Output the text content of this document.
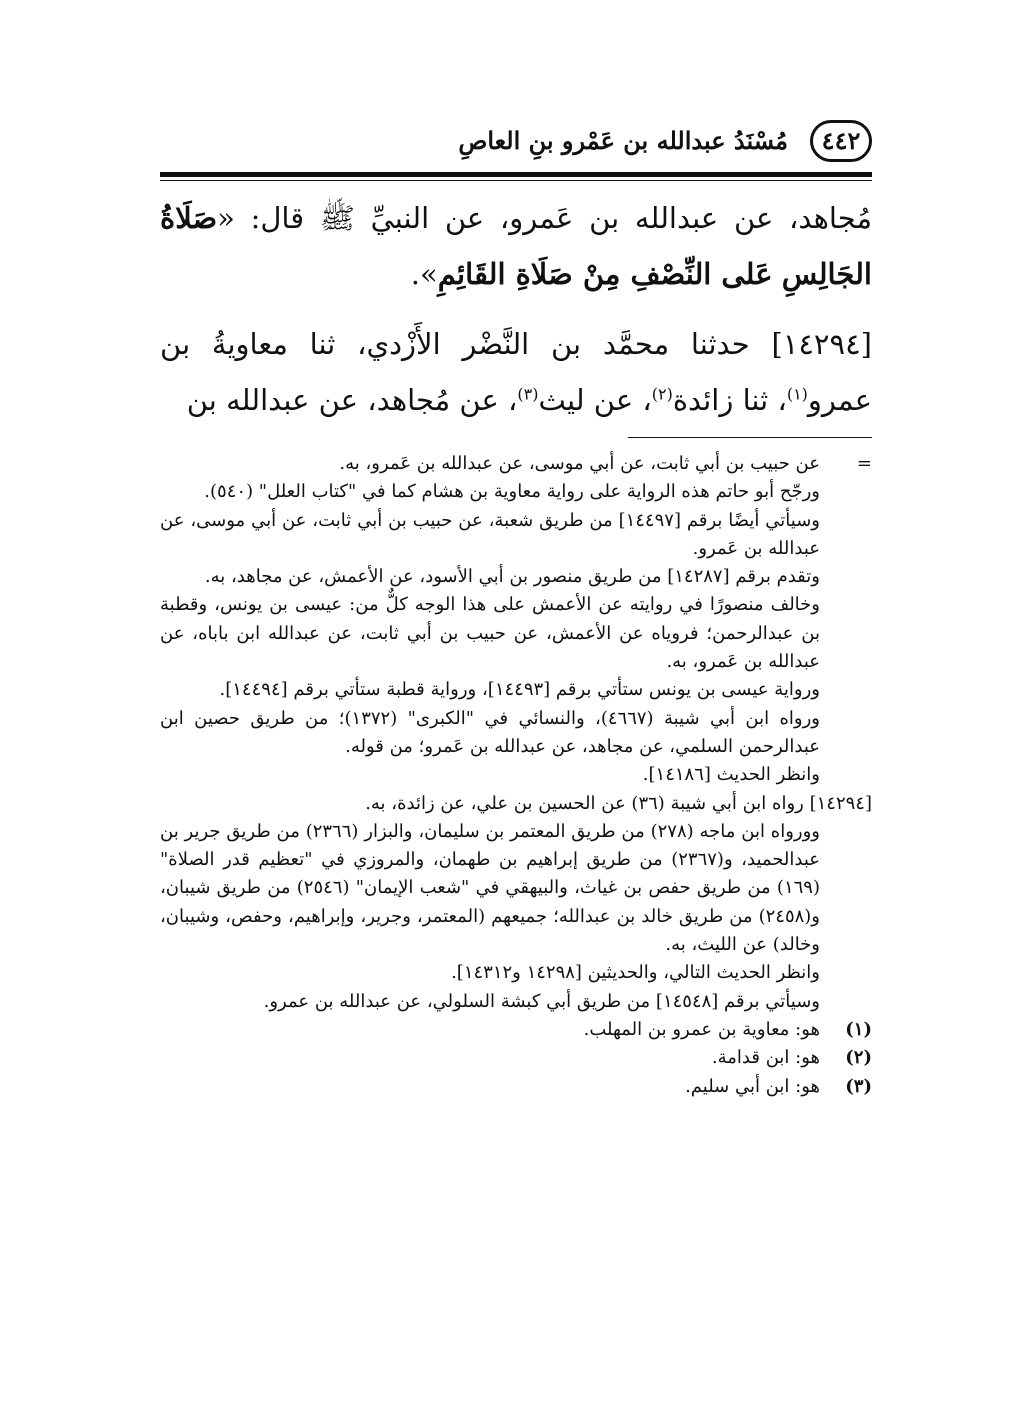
٤٤٢
مُسْنَدُ عبدالله بن عَمْرو بنِ العاصِ

مُجاهد، عن عبدالله بن عَمرو، عن النبيِّ ﷺ قال: «صَلَاةُ الجَالِسِ عَلى النِّصْفِ مِنْ صَلَاةِ القَائِمِ».

[١٤٢٩٤] حدثنا محمَّد بن النَّضْر الأَزْدي، ثنا معاويةُ بن عمرو$^{(١)}$، ثنا زائدة$^{(٢)}$، عن ليث$^{(٣)}$، عن مُجاهد، عن عبدالله بن

=

عن حبيب بن أبي ثابت، عن أبي موسى، عن عبدالله بن عَمرو، به.

ورجّح أبو حاتم هذه الرواية على رواية معاوية بن هشام كما في "كتاب العلل" (٥٤٠).

وسيأتي أيضًا برقم [١٤٤٩٧] من طريق شعبة، عن حبيب بن أبي ثابت، عن أبي موسى، عن عبدالله بن عَمرو.

وتقدم برقم [١٤٢٨٧] من طريق منصور بن أبي الأسود، عن الأعمش، عن مجاهد، به.

وخالف منصورًا في روايته عن الأعمش على هذا الوجه كلٌّ من: عيسى بن يونس، وقطبة بن عبدالرحمن؛ فروياه عن الأعمش، عن حبيب بن أبي ثابت، عن عبدالله ابن باباه، عن عبدالله بن عَمرو، به.

ورواية عيسى بن يونس ستأتي برقم [١٤٤٩٣]، ورواية قطبة ستأتي برقم [١٤٤٩٤].

ورواه ابن أبي شيبة (٤٦٦٧)، والنسائي في "الكبرى" (١٣٧٢)؛ من طريق حصين ابن عبدالرحمن السلمي، عن مجاهد، عن عبدالله بن عَمرو؛ من قوله.

وانظر الحديث [١٤١٨٦].

[١٤٢٩٤] رواه ابن أبي شيبة (٣٦) عن الحسين بن علي، عن زائدة، به.

وورواه ابن ماجه (٢٧٨) من طريق المعتمر بن سليمان، والبزار (٢٣٦٦) من طريق جرير بن عبدالحميد، و(٢٣٦٧) من طريق إبراهيم بن طهمان، والمروزي في "تعظيم قدر الصلاة" (١٦٩) من طريق حفص بن غياث، والبيهقي في "شعب الإيمان" (٢٥٤٦) من طريق شيبان، و(٢٤٥٨) من طريق خالد بن عبدالله؛ جميعهم (المعتمر، وجرير، وإبراهيم، وحفص، وشيبان، وخالد) عن الليث، به.

وانظر الحديث التالي، والحديثين [١٤٢٩٨ و١٤٣١٢].

وسيأتي برقم [١٤٥٤٨] من طريق أبي كبشة السلولي، عن عبدالله بن عمرو.

(١)
هو: معاوية بن عمرو بن المهلب.

(٢)
هو: ابن قدامة.

(٣)
هو: ابن أبي سليم.
